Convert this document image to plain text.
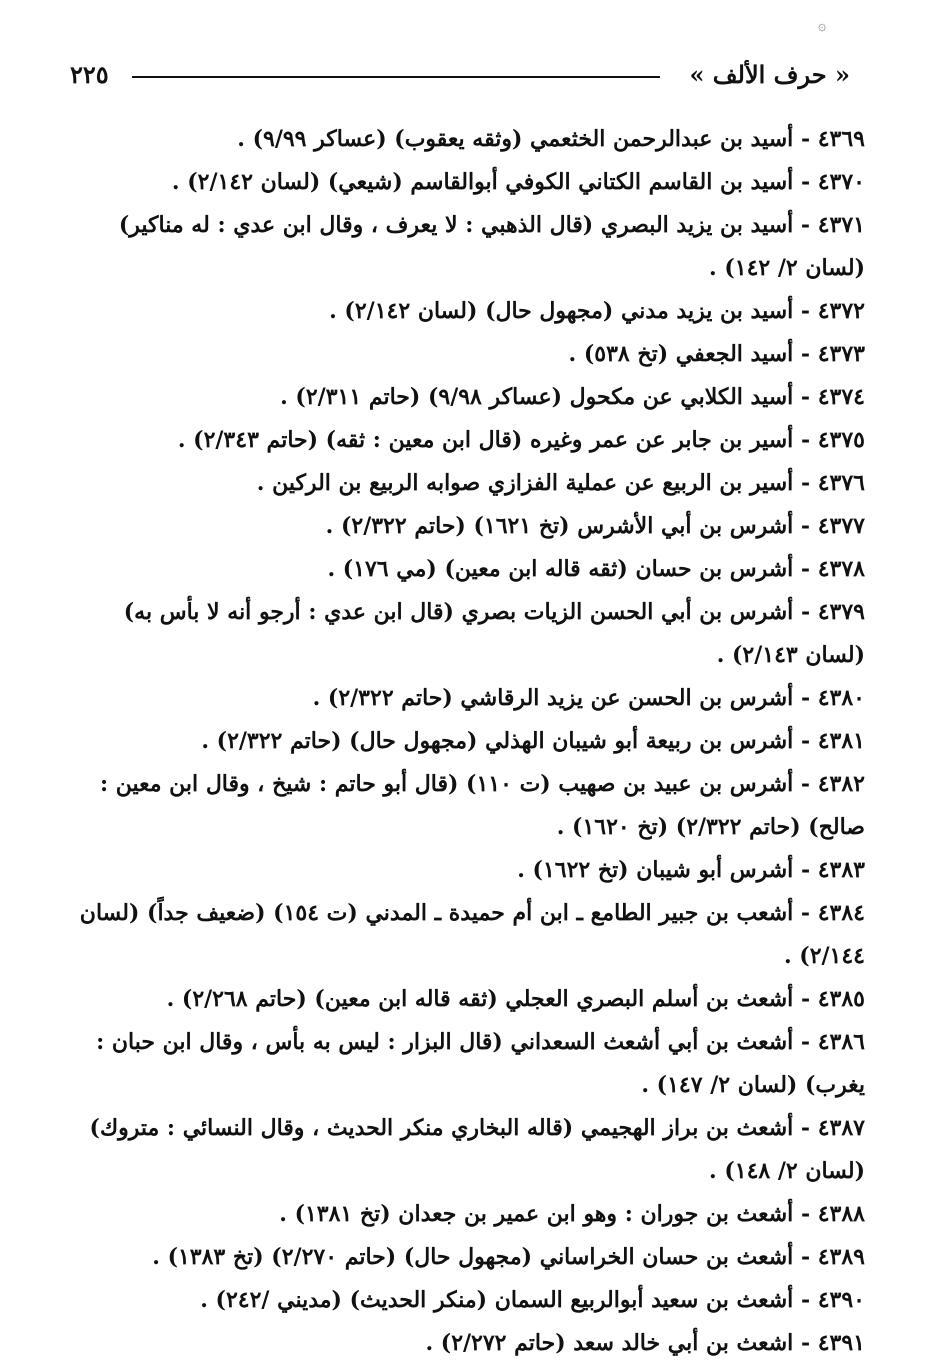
٢٢٥	« حرف الألف »
۞

٤٣٦٩ - أسيد بن عبدالرحمن الخثعمي (وثقه يعقوب) (عساكر ٩/٩٩) .

٤٣٧٠ - أسيد بن القاسم الكتاني الكوفي أبوالقاسم (شيعي) (لسان ٢/١٤٢) .

٤٣٧١ - أسيد بن يزيد البصري (قال الذهبي : لا يعرف ، وقال ابن عدي : له مناكير) (لسان ٢/ ١٤٢) .

٤٣٧٢ - أسيد بن يزيد مدني (مجهول حال) (لسان ٢/١٤٢) .

٤٣٧٣ - أسيد الجعفي (تخ ٥٣٨) .

٤٣٧٤ - أسيد الكلابي عن مكحول (عساكر ٩/٩٨) (حاتم ٢/٣١١) .

٤٣٧٥ - أسير بن جابر عن عمر وغيره (قال ابن معين : ثقه) (حاتم ٢/٣٤٣) .

٤٣٧٦ - أسير بن الربيع عن عملية الفزازي صوابه الربيع بن الركين .

٤٣٧٧ - أشرس بن أبي الأشرس (تخ ١٦٢١) (حاتم ٢/٣٢٢) .

٤٣٧٨ - أشرس بن حسان (ثقه قاله ابن معين) (مي ١٧٦) .

٤٣٧٩ - أشرس بن أبي الحسن الزيات بصري (قال ابن عدي : أرجو أنه لا بأس به) (لسان ٢/١٤٣) .

٤٣٨٠ - أشرس بن الحسن عن يزيد الرقاشي (حاتم ٢/٣٢٢) .

٤٣٨١ - أشرس بن ربيعة أبو شيبان الهذلي (مجهول حال) (حاتم ٢/٣٢٢) .

٤٣٨٢ - أشرس بن عبيد بن صهيب (ت ١١٠) (قال أبو حاتم : شيخ ، وقال ابن معين : صالح) (حاتم ٢/٣٢٢) (تخ ١٦٢٠) .

٤٣٨٣ - أشرس أبو شيبان (تخ ١٦٢٢) .

٤٣٨٤ - أشعب بن جبير الطامع ـ ابن أم حميدة ـ المدني (ت ١٥٤) (ضعيف جداً) (لسان ٢/١٤٤) .

٤٣٨٥ - أشعث بن أسلم البصري العجلي (ثقه قاله ابن معين) (حاتم ٢/٢٦٨) .

٤٣٨٦ - أشعث بن أبي أشعث السعداني (قال البزار : ليس به بأس ، وقال ابن حبان : يغرب) (لسان ٢/ ١٤٧) .

٤٣٨٧ - أشعث بن براز الهجيمي (قاله البخاري منكر الحديث ، وقال النسائي : متروك) (لسان ٢/ ١٤٨) .

٤٣٨٨ - أشعث بن جوران : وهو ابن عمير بن جعدان (تخ ١٣٨١) .

٤٣٨٩ - أشعث بن حسان الخراساني (مجهول حال) (حاتم ٢/٢٧٠) (تخ ١٣٨٣) .

٤٣٩٠ - أشعث بن سعيد أبوالربيع السمان (منكر الحديث) (مديني /٢٤٢) .

٤٣٩١ - اشعث بن أبي خالد سعد (حاتم ٢/٢٧٢) .
